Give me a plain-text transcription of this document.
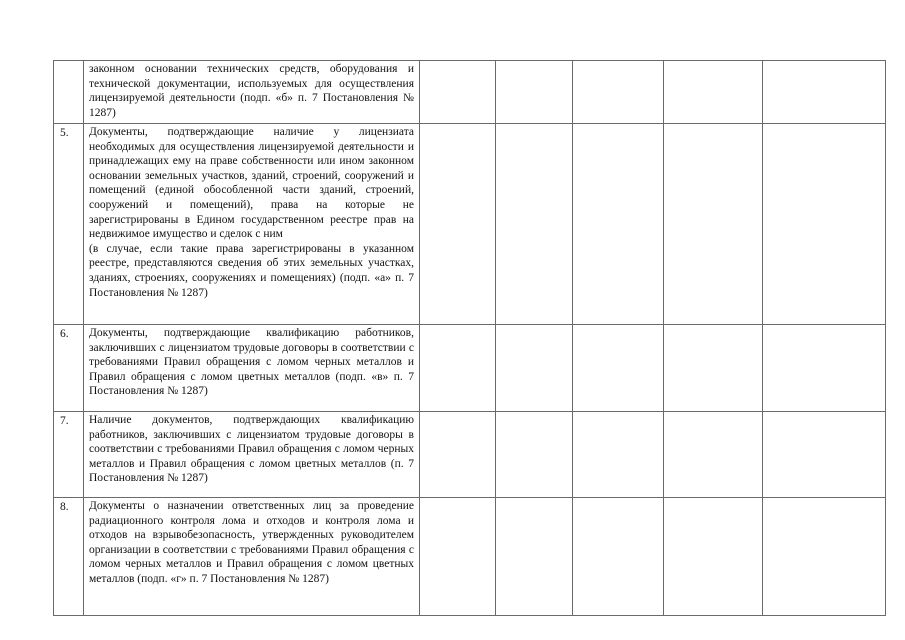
	законном основании технических средств, оборудования и технической документации, используемых для осуществления лицензируемой деятельности (подп. «б» п. 7 Постановления № 1287)					

5.	Документы, подтверждающие наличие у лицензиата необходимых для осуществления лицензируемой деятельности и принадлежащих ему на праве собственности или ином законном основании земельных участков, зданий, строений, сооружений и помещений (единой обособленной части зданий, строений, сооружений и помещений), права на которые не зарегистрированы в Едином государственном реестре прав на недвижимое имущество и сделок с ним

(в случае, если такие права зарегистрированы в указанном реестре, представляются сведения об этих земельных участках, зданиях, строениях, сооружениях и помещениях) (подп. «а» п. 7 Постановления № 1287)					

6.	Документы, подтверждающие квалификацию работников, заключивших с лицензиатом трудовые договоры в соответствии с требованиями Правил обращения с ломом черных металлов и Правил обращения с ломом цветных металлов (подп. «в» п. 7 Постановления № 1287)					

7.	Наличие документов, подтверждающих квалификацию работников, заключивших с лицензиатом трудовые договоры в соответствии с требованиями Правил обращения с ломом черных металлов и Правил обращения с ломом цветных металлов (п. 7 Постановления № 1287)					

8.	Документы о назначении ответственных лиц за проведение радиационного контроля лома и отходов и контроля лома и отходов на взрывобезопасность, утвержденных руководителем организации в соответствии с требованиями Правил обращения с ломом черных металлов и Правил обращения с ломом цветных металлов (подп. «г» п. 7 Постановления № 1287)					
